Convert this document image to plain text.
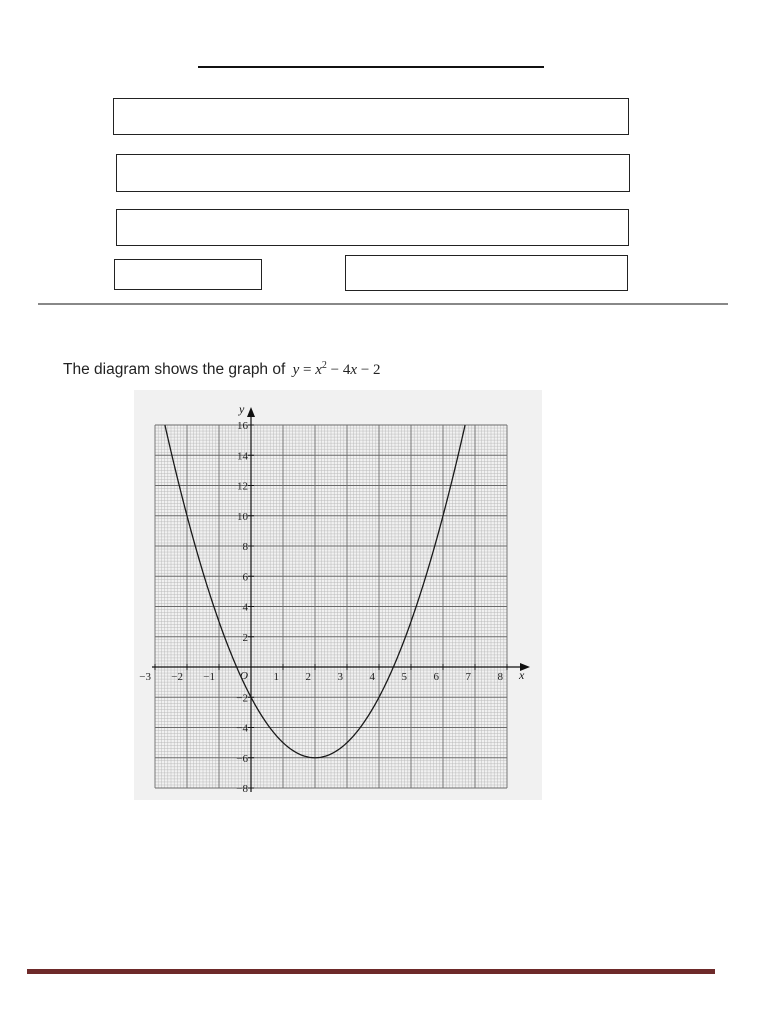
The diagram shows the graph of $y = x^2 - 4x - 2$
x
y
O
−3 −2 −1	1 2 3 4 5 6 7 8
−8
−6
−4
−2
2
4
6
8
10
12
14
16
